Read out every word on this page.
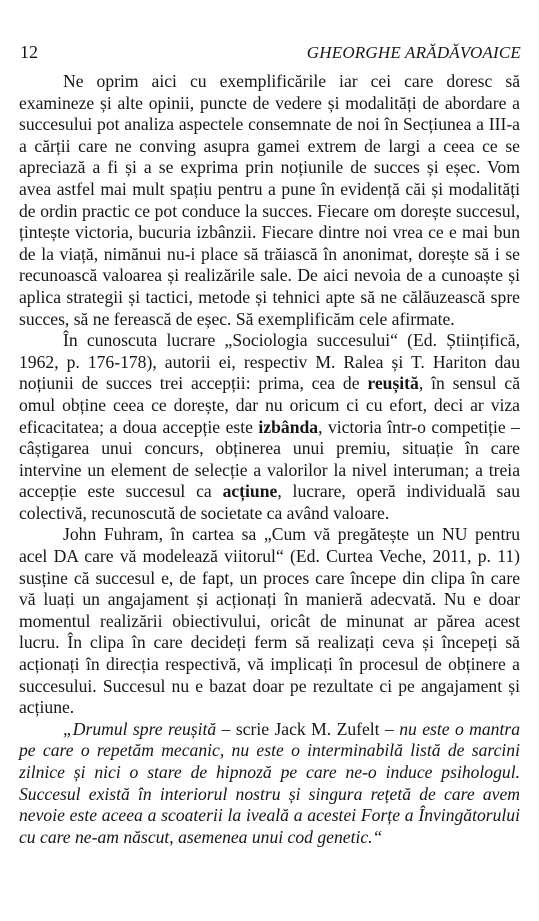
12	GHEORGHE ARĂDĂVOAICE

Ne oprim aici cu exemplificările iar cei care doresc să examineze și alte opinii, puncte de vedere și modalități de abordare a succesului pot analiza aspectele consemnate de noi în Secțiunea a III-a a cărții care ne conving asupra gamei extrem de largi a ceea ce se apreciază a fi și a se exprima prin noțiunile de succes și eșec. Vom avea astfel mai mult spațiu pentru a pune în evidență căi și modalități de ordin practic ce pot conduce la succes. Fiecare om dorește succesul, țintește victoria, bucuria izbânzii. Fiecare dintre noi vrea ce e mai bun de la viață, nimănui nu-i place să trăiască în anonimat, dorește să i se recunoască valoarea și realizările sale. De aici nevoia de a cunoaște și aplica strategii și tactici, metode și tehnici apte să ne călăuzească spre succes, să ne ferească de eșec. Să exemplificăm cele afirmate.

În cunoscuta lucrare „Sociologia succesului“ (Ed. Științifică, 1962, p. 176-178), autorii ei, respectiv M. Ralea și T. Hariton dau noțiunii de succes trei accepții: prima, cea de reușită, în sensul că omul obține ceea ce dorește, dar nu oricum ci cu efort, deci ar viza eficacitatea; a doua accepție este izbânda, victoria într-o competiție – câștigarea unui concurs, obținerea unui premiu, situație în care intervine un element de selecție a valorilor la nivel interuman; a treia accepție este succesul ca acțiune, lucrare, operă individuală sau colectivă, recunoscută de societate ca având valoare.

John Fuhram, în cartea sa „Cum vă pregătește un NU pentru acel DA care vă modelează viitorul“ (Ed. Curtea Veche, 2011, p. 11) susține că succesul e, de fapt, un proces care începe din clipa în care vă luați un angajament și acționați în manieră adecvată. Nu e doar momentul realizării obiectivului, oricât de minunat ar părea acest lucru. În clipa în care decideți ferm să realizați ceva și începeți să acționați în direcția respectivă, vă implicați în procesul de obținere a succesului. Succesul nu e bazat doar pe rezultate ci pe angajament și acțiune.

„Drumul spre reușită – scrie Jack M. Zufelt – nu este o mantra pe care o repetăm mecanic, nu este o interminabilă listă de sarcini zilnice și nici o stare de hipnoză pe care ne-o induce psihologul. Succesul există în interiorul nostru și singura rețetă de care avem nevoie este aceea a scoaterii la iveală a acestei Forțe a Învingătorului cu care ne-am născut, asemenea unui cod genetic.“
